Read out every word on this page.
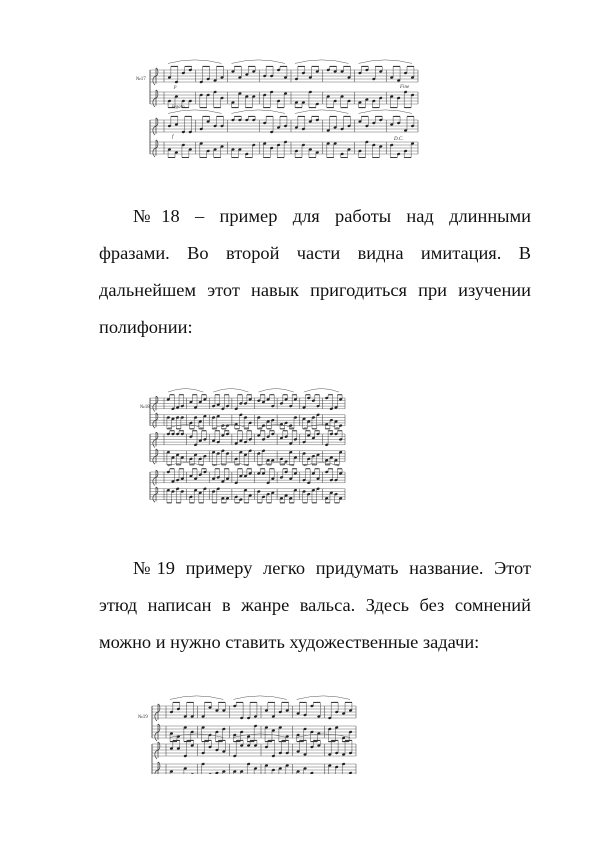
№17
p	Fine
legato
f	D.C.

№18 – пример для работы над длинными
фразами. Во второй части видна имитация. В
дальнейшем этот навык пригодиться при изучении
полифонии:

№18

№19 примеру легко придумать название. Этот
этюд написан в жанре вальса. Здесь без сомнений
можно и нужно ставить художественные задачи:

№19
